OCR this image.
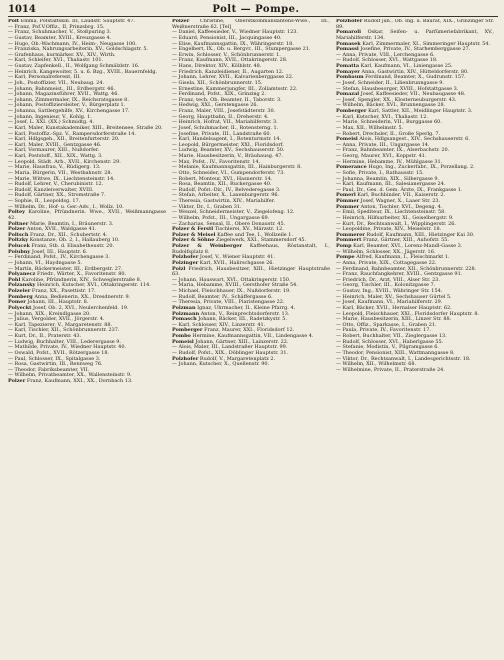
1014	Polt — Pompe.

Polt Emma, Pofstaffskin. III, Laudstr. Sauptstr. 47.

— Franz, Pof.V.Offiz., II, Prinzsbrg. 15.

— Franz, Schuhmacher, V., Stoßpuring 3.

— Gustav, Beamter, XVIII., Kreuzgasse 4.

— Hugo, Ob.-Wachmann, IV., Heim-, Neugasse 100.

— Franziska, Nahrungsarbeiterin, XV., Goldschlagstr. 5.

— Grafenhaus, kurmärker. XV., XIV., Wirth.

— Karl, Schleifer, XVI., Thaliastr. 101.

— Gustav, Zapfenkell., II., Wolfgang Schmälzlstr. 16.

— Heinrich, Kangewoiter, 5. u. 6. Bzg., XVIII., Bauernfeldg.

— Karl, Personalreferent, III.

— Joh., Postoffizier, VII., Neubaug. 24.

— Johann, Bahnmeist., III., Erdbergstr. 46.

— Johann, Magazinsführer, XVII., Wattg. 46.

— Johann, Zimmermaler, IX., Reichsratsgasse 8.

— Johann, Postoffiziersleiter, V., Bürgerplatz 1.

— Johanna, Sattlergehilfe, XV., Kirchengasse 17.

— Johann, Ingenieur, V., Kohlg. 1.

— Josef, L. XXI. (XX.) Schmidtg. 4.

— Karl, Maler, Kunstakademiker, XIII., Breitensee, Straße 20.

— Karl, Postoffiz.-Spz. V., Rampersdorferstraße 14.

— Karl, Hdlgsgeh., XII., Breitenfurterstr. 20.

— Karl, Maler, XVIII., Gentzgasse 46.

— Karl, Vormaurer, XIII., Nußdorfer.

— Karl, Poststoff., XII., XIX., Wattg. 3.

— Leopold, Städt. Arb., XVII., Kirchenstr. 29.

— Marie, Hausfrau, V., Rüdigerg. 13.

— Maria, Bürgerin, VII., Westbahnstr. 28.

— Marie, Wittwe, IX., Liechtensteinstr. 14.

— Rudolf, Lehrer, V., Cherubinistr. 12.

— Rudolf, Kanzleiverwalter, XVIII.

— Rudolf, Gärtner, XX., Stromstraße 7.

— Sophie, II., Leopoldsg. 17.

— Wilhelm, Dr., Hof- u. Ger.-Adv., I., Wollz. 10.

Poltey Karoline, Pfründnerin. Wwe., XVII., Weißmanngasse 42.

Poltner Marie, Beamtin, I., Bräunerstr. 3.

Polzer Anton, XVII., Waldgasse 41.

Poltsch Franz, Dr., XII., Schubertstr. 4.

Poltzky Konstanze, Ob. 2, I., Hallauberg 10.

Polucek Franz, Stb. d. Elisabetheustr. 20.

Polubny Josef, III., Hauptstr. 6.

— Ferdinand, Pofst., IV., Kirchengasse 3.

— Johann, VI., Haydngasse 5.

— Martin, Bäckermeister, III., Erdbergstr. 27.

Polyanecz Friedr., Wärter, X., Favoritenstr. 80.

Pohl Karoline, Pfründnerin, XIV., Schweglerstraße 8.

Polzansky Heinrich, Kutscher, XVI., Ottakringerstr. 114.

Polzeler Franz, XX., Pasettistr. 17.

Pomberg Anna, Bedienerin, XX., Dresdnerstr. 9.

Pomer Johann, III., Hauptstr. 8.

Polyeckt Josef, Ob. 2, XVI., Neulerchenfeld. 19.

— Johann, XIX., Kreindlgasse 20.

— Julius, Vergolder, XVII., Jörgerstr. 4.

— Karl, Tapezierer, V., Margaretenstr. 88.

— Karl, Tischler, XII., Schönbrunnerstr. 237.

— Kurt, Dr., II., Praterstr. 43.

— Ludwig, Buchhalter, VIII., Lederergasse 9.

— Mathilde, Private, IV., Wiedner Hauptstr. 40.

— Oswald, Pofst., XVII., Rötzergasse 18.

— Paul, Schlosser, IX., Spitalgasse 3.

— Rosa, Gastwirtin, III., Rennweg 76.

— Theodor, Fabriksbeamter, VII.

— Wilhelm, Privatbeamter, XX., Wallensteinstr. 9.

Polzer Franz, Kaufmann, XXI., XX., Dornbach 13.

Polzer Christine, Oberstkommandantens-Wwe., III., Weißnerstraße 62. [Tel]

— Daniel, Kaffeesieder, V., Wiedner Hauptstr. 123.

— Eduard, Pensionist, III., Jacquingasse 40.

— Elise, Kaufmannsgattin, IX., Währingerstr. 18.

— Engelbert, IX., Ob. u. Bergvr., III., Stumpergasse 21.

— Erwin, Schlosser, V., Schönbrunnerstr. 1.

— Franz, Kaufmann, XVII., Ottakringerstr. 28.

— Hans, Direktor, XIV., Kölblstr. 48.

— Friedrich, Kanzleidiener, II., Augarten 12.

— Johann, Lehrer, XVII., Kalvarienberggasse 22.

— Gisela, XII., Schönbrunnerstr. 15.

— Ernestine, Kammerjungfer, III., Zollamtsstr. 22.

— Ferdinand, Pofst., XIX., Grinzing 2.

— Franz, tech. Ob. Beamter, II., Taborstr. 3.

— Hedwig, XXI., Gerstengasse 26.

— Franz, Maler, VIII., Josefstädterstr. 30.

— Georg, Hauptbahn, II., Dreherstr. 4.

— Heinrich, Hofrat, VII., Mariahilferstr. 3.

— Josef, Schuhmacher, II., Rotensterng. 1.

— Josefine, Private, III., Landstraße 60.

— Karl, Handelsagent, I., Rotenturmstr. 14.

— Leopold, Bürgermeister, XXI., Floridsdorf.

— Ludwig, Beamter, XV., Sechshauserstr. 50.

— Marie, Hausbesitzerin, V., Bräuhausg. 47.

— Max, Pofst., IV., Favoritenstr. 14.

— Melanie, Kaufmannsgattin, III., Hainburgerstr. 8.

— Otto, Schneider, VI., Gumpendorferstr. 73.

— Robert, Monteur, XVI., Hasnerstr. 14.

— Rosa, Beamtin, XII., Ruckergasse 40.

— Rudolf, Pofst.-Dir., IV., Belvederegasse 3.

— Stefan, Arbeiter, X., Laxenburgerstr. 96.

— Theresia, Gastwirtin, XIV., Mariahilfer.

— Viktor, Dr., I., Graben 31.

— Wenzel, Schneidermeister, V., Ziegelofeng. 12.

— Wilhelm, Pofst., III., Ungargasse 69.

— Zacharias, Sensal, II., Obere Donaustr. 45.

Polzer & Ferstl Tischlerei, XV., Märzstr. 12.

Polzer & Meisel Kaffee und Tee, I., Wollzeile 1.

Polzer & Söhne Ziegelwerk, XXI., Stammersdorf 45.

Polzer & Weinberger Kaffeehaus, Röstanstalt, I., Rudolfsplatz 8.

Polzhofer Josef, V., Wiener Hauptstr. 41.

Polzinger Karl, XVII., Halirschgasse 26.

Polzl Friedrich, Hausbesitzer, XIII., Hietzinger Hauptstraße 63.

— Johann, Hauswart, XVI., Ottakringerstr. 150.

— Maria, Hebamme, XVIII., Gersthofer Straße 54.

— Michael, Fleischhauer, IX., Nußdorferstr. 19.

— Rudolf, Beamter, IV., Schäffergasse 6.

— Theresia, Private, VIII., Piaristengasse 22.

Polzman Ignaz, Uhrmacher, II., Kleine Pfarrg. 4.

Polzmann Anton, V., Reinprechtsdorferstr. 13.

Pomasch Johann, Bäcker, III., Radetzkystr. 5.

— Karl, Schlosser, XIV., Linzerstr. 41.

Pomberger Franz, Maurer, XXI., Floridsdorf 12.

Pombo Hermine, Kaufmannsgattin, VII., Lindengasse 4.

Pomeisl Johann, Gärtner, XIII., Lainzerstr. 22.

— Alois, Maler, III., Landstraßer Hauptstr. 99.

— Rudolf, Pofst., XIX., Döblinger Hauptstr. 31.

Polzhofer Rudolf, V., Margaretenplatz 2.

— Johann, Kutscher, X., Quellenstr. 90.

Polzhofer Rudolf jun., Ob. Ing. u. Baurat, XIX., Grinzinger Str. 89.

Pomaroli Oskar, Seifen- u. Parfümeriefabrikant, XV., Mariahilferstr. 134.

Pomasek Karl, Zimmermaler, XI., Simmeringer Hauptstr. 54.

Pomassl Josefine, Private, IV., Starhemberggasse 27.

— Anna, Private, VIII., Lerchengasse 6.

— Rudolf, Schlosser, XVI., Wattgasse 18.

Pomatta Karl, Kaufmann, VI., Liniengasse 25.

Pomayer Anna, Gastwirtin, XIV., Hütteldorferstr. 80.

Pombaum Ferdinand, Beamter, X., Gudrunstr. 157.

— Josef, Schneider, II., Lilienbrunngasse 9.

— Stefan, Hausbesorger, XVIII., Hofstattgasse 3.

Pomazal Josef, Kaffeesieder, VII., Neubaugasse 48.

— Josef, Spengler, XX., Klosterneuburgerstr. 43.

— Wilhelm, Bäcker, XVI., Brunnengasse 28.

Pomberger Karl, Sattler, XII., Meidlinger Hauptstr. 3.

— Karl, Kutscher, XVI., Thaliastr. 12.

— Marie, Schneiderin, VII., Burggasse 60.

— Max, XII., Wilhelmstr. 5.

— Robert, Drechsler, II., Große Sperlg. 7.

Pomeisl Alois, Hdlgsangest., XIV., Sechshauserstr. 6.

— Anna, Private, III., Ungargasse 14.

— Franz, Bahnbeamter, IX., Alserbachstr. 20.

— Georg, Maurer, XVI., Koppstr. 41.

— Hermine, Hebamme, IV., Mühlgasse 31.

Pomerance Hugo, Ing., Zuckerfabr., IX., Porzellang. 2.

— Sofie, Private, I., Rathausstr. 15.

— Johanna, Beamtin, XIX., Silbergasse 9.

— Karl, Kaufmann, III., Salesianergasse 24.

— Paul, Dr., Ges. d. Gem. Ärzte, IX., Frankgasse 1.

Pomerl Karl, Buchbinder, VII., Kaiserstr. 2.

Pömmer Josef, Wagner, X., Laaer Str. 23.

Pommer Anton, Tischler, XVI., Degeng. 4.

— Emil, Spediteur, IX., Liechtensteinstr. 58.

— Heinrich, Hilfsarbeiter, XI., Geiselbergstr. 9.

— Kurt, Dr., Rechtsanwalt, I., Wipplingerstr. 26.

— Leopoldine, Private, XIV., Meiselstr. 18.

Pommerer Rudolf, Kaufmann, XIII., Hietzinger Kai 30.

Pommert Franz, Gärtner, XIII., Auhofstr. 55.

Pomp Karl, Beamter, XVI., Lorenz-Mandl-Gasse 3.

— Wilhelm, Schlosser, XX., Jägerstr. 16.

Pompe Alfred, Kaufmann, I., Fleischmarkt 1.

— Anna, Private, XIX., Cottagegasse 22.

— Ferdinand, Bahnbeamter, XII., Schönbrunnerstr. 228.

— Franz, Rauchfangkehrer, XVIII., Gentzgasse 91.

— Friedrich, Dr., Arzt, VIII., Alser Str. 23.

— Georg, Tischler, III., Kolonitzgasse 7.

— Gustav, Ing., XVIII., Währinger Str. 154.

— Heinrich, Maler, XV., Sechshauser Gürtel 5.

— Josef, Kaufmann, VI., Mariahilferstr. 29.

— Karl, Bäcker, XVII., Hernalser Hauptstr. 62.

— Leopold, Fleischhauer, XXI., Floridsdorfer Hauptstr. 8.

— Marie, Hausbesitzerin, XIII., Linzer Str. 88.

— Otto, Offiz., Sparkasse, I., Graben 21.

— Paula, Private, IV., Favoritenstr. 17.

— Robert, Buchhalter, VII., Zieglergasse 13.

— Rudolf, Schlosser, XVI., Haberlgasse 55.

— Stefanie, Modistin, V., Pilgramgasse 6.

— Theodor, Pensionist, XIII., Wattmanngasse 8.

— Viktor, Dr., Rechtsanwalt, I., Landesgerichtsstr. 18.

— Wilhelm, XII., Wilhelmstr. 68.

— Wilhelmine, Private, II., Praterstraße 24.
